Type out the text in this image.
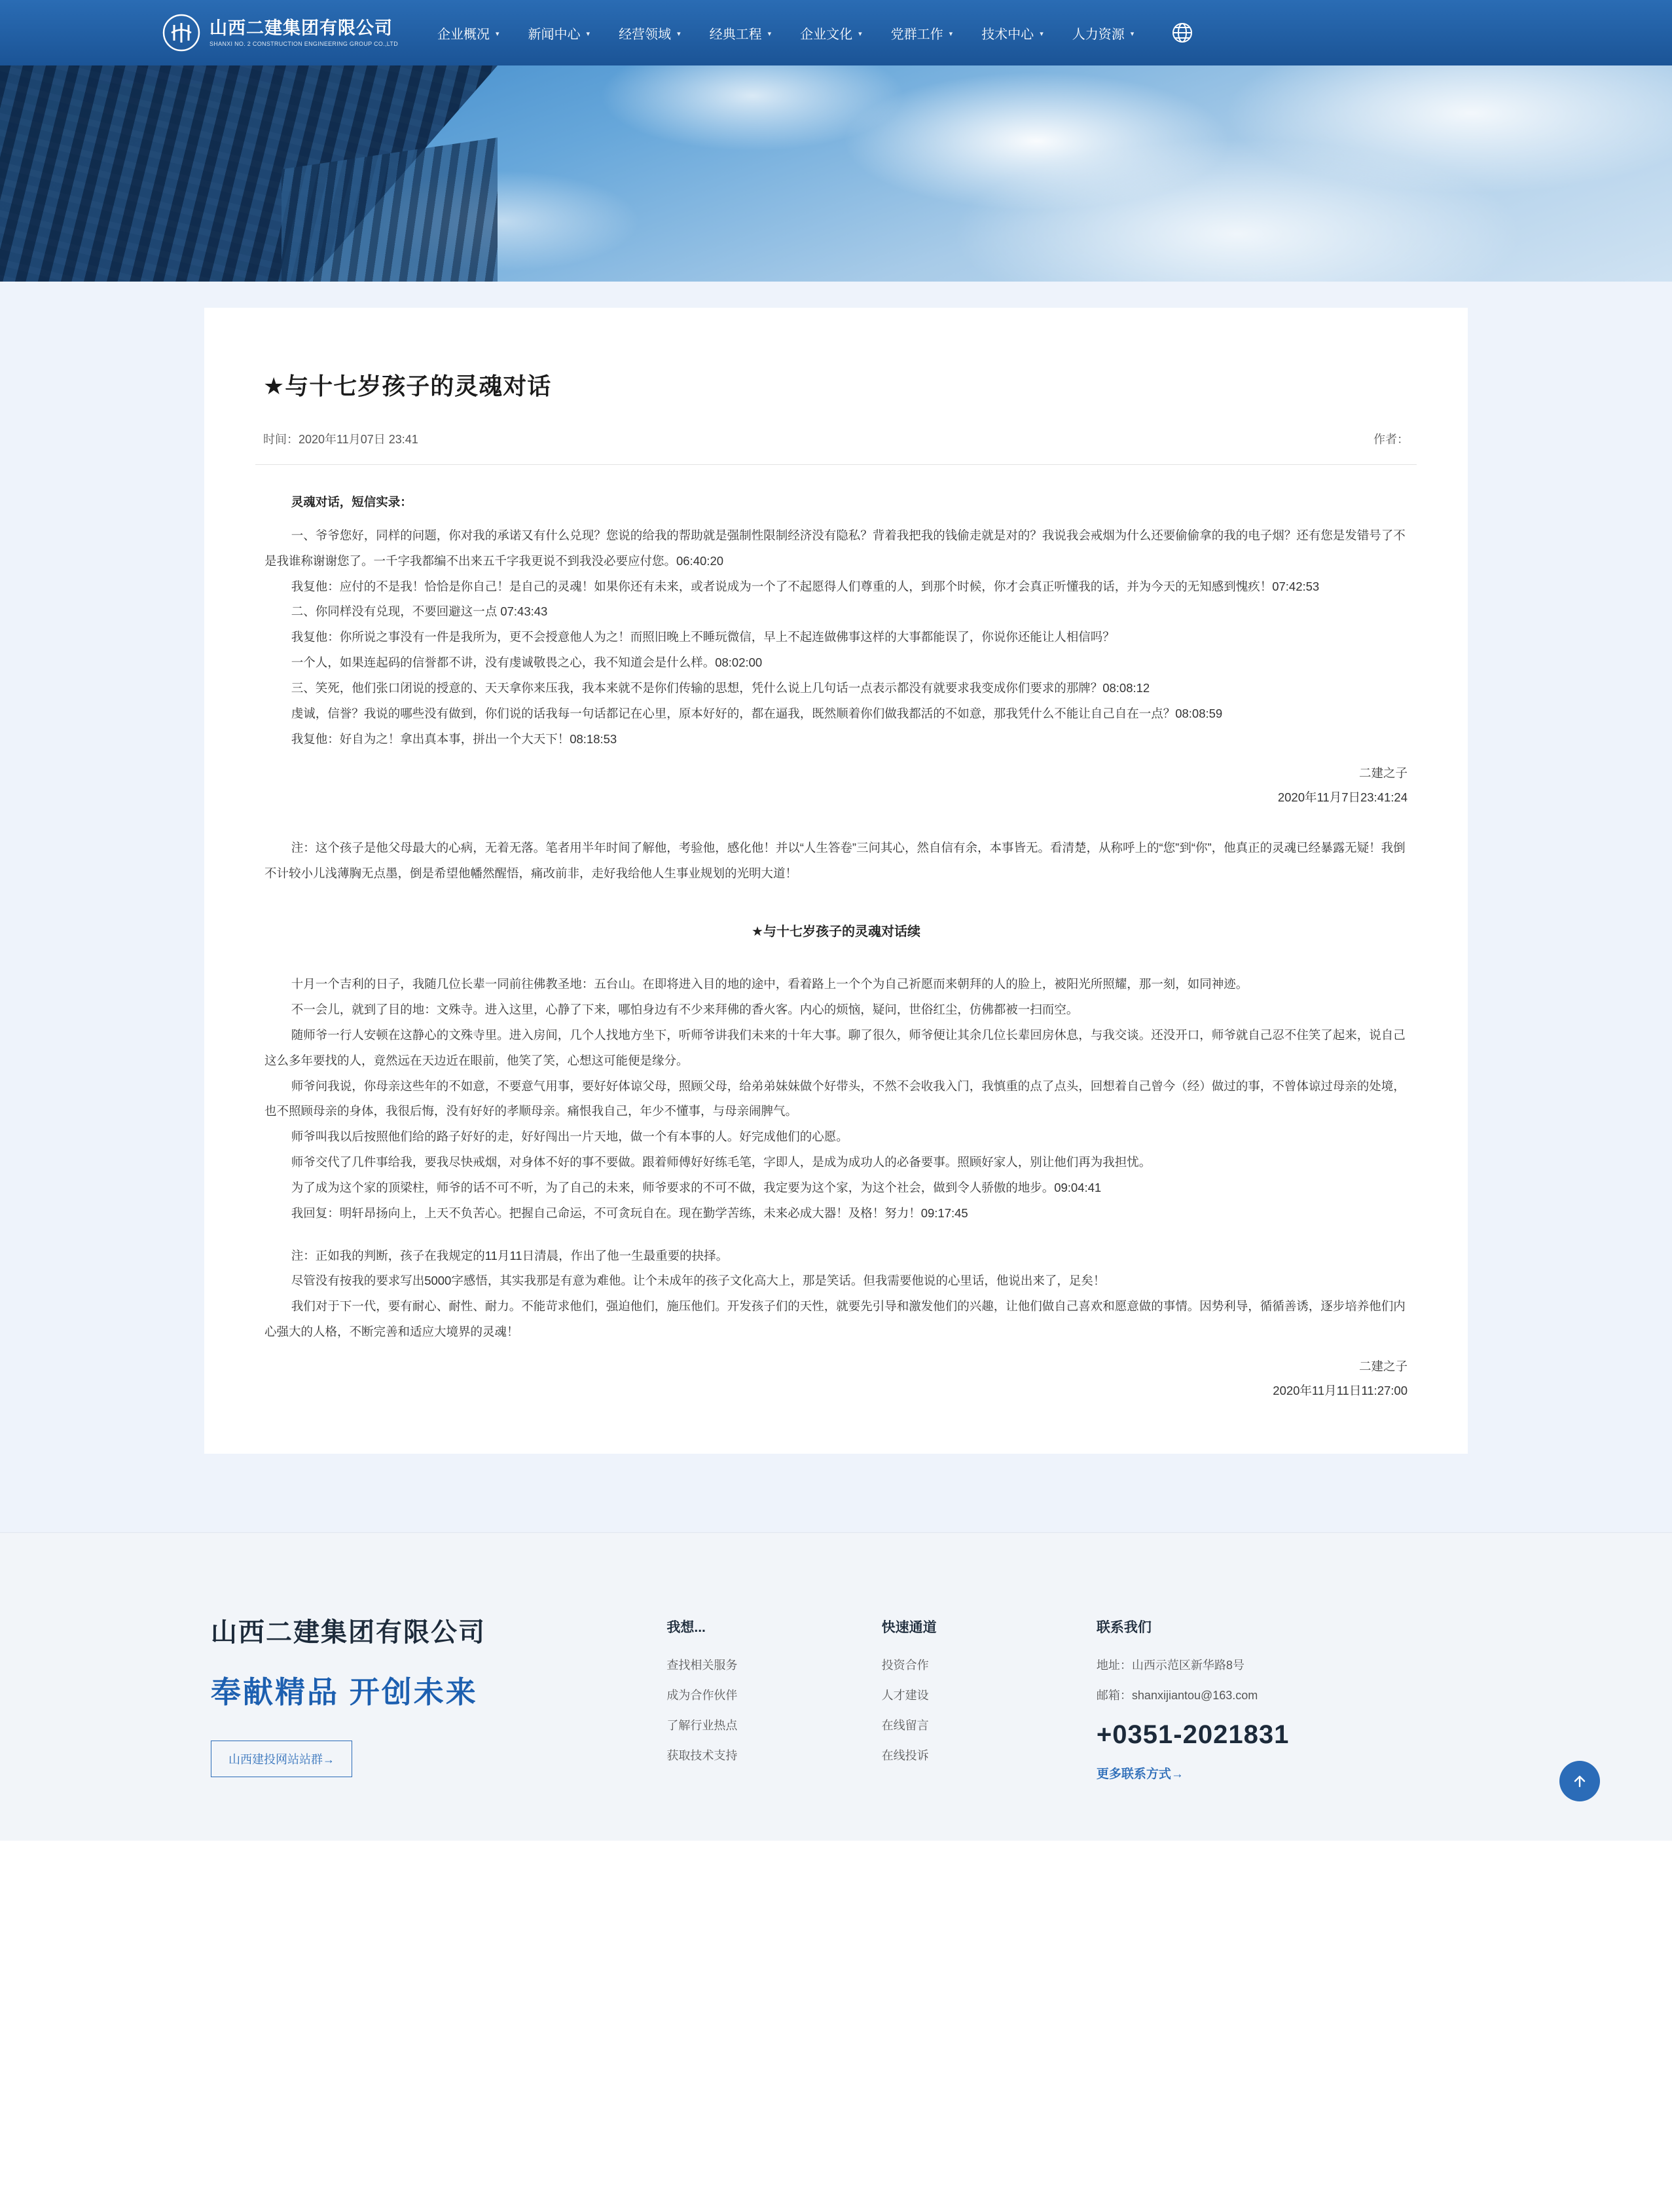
山西二建集团有限公司
SHANXI NO. 2 CONSTRUCTION ENGINEERING GROUP CO.,LTD
企业概况 ▾ 新闻中心 ▾ 经营领域 ▾ 经典工程 ▾ 企业文化 ▾ 党群工作 ▾ 技术中心 ▾ 人力资源 ▾
★与十七岁孩子的灵魂对话
时间：2020年11月07日 23:41	作者：

灵魂对话，短信实录：

一、爷爷您好，同样的问题，你对我的承诺又有什么兑现？您说的给我的帮助就是强制性限制经济没有隐私？背着我把我的钱偷走就是对的？我说我会戒烟为什么还要偷偷拿的我的电子烟？还有您是发错号了不是我谁称谢谢您了。一千字我都编不出来五千字我更说不到我没必要应付您。06:40:20

我复他：应付的不是我！恰恰是你自己！是自己的灵魂！如果你还有未来，或者说成为一个了不起愿得人们尊重的人，到那个时候，你才会真正听懂我的话，并为今天的无知感到愧疚！07:42:53

二、你同样没有兑现，不要回避这一点 07:43:43

我复他：你所说之事没有一件是我所为，更不会授意他人为之！而照旧晚上不睡玩微信，早上不起连做佛事这样的大事都能误了，你说你还能让人相信吗？

一个人，如果连起码的信誉都不讲，没有虔诚敬畏之心，我不知道会是什么样。08:02:00

三、笑死，他们张口闭说的授意的、天天拿你来压我，我本来就不是你们传输的思想，凭什么说上几句话一点表示都没有就要求我变成你们要求的那牌？08:08:12

虔诚，信誉？我说的哪些没有做到，你们说的话我每一句话都记在心里，原本好好的，都在逼我，既然顺着你们做我都活的不如意，那我凭什么不能让自己自在一点？08:08:59

我复他：好自为之！拿出真本事，拼出一个大天下！08:18:53

二建之子
2020年11月7日23:41:24

注：这个孩子是他父母最大的心病，无着无落。笔者用半年时间了解他，考验他，感化他！并以“人生答卷”三问其心，然自信有余，本事皆无。看清楚，从称呼上的“您”到“你”，他真正的灵魂已经暴露无疑！我倒不计较小儿浅薄胸无点墨，倒是希望他幡然醒悟，痛改前非，走好我给他人生事业规划的光明大道！

★与十七岁孩子的灵魂对话续

十月一个吉利的日子，我随几位长辈一同前往佛教圣地：五台山。在即将进入目的地的途中，看着路上一个个为自己祈愿而来朝拜的人的脸上，被阳光所照耀，那一刻，如同神迹。

不一会儿，就到了目的地：文殊寺。进入这里，心静了下来，哪怕身边有不少来拜佛的香火客。内心的烦恼，疑问，世俗红尘，仿佛都被一扫而空。

随师爷一行人安顿在这静心的文殊寺里。进入房间，几个人找地方坐下，听师爷讲我们未来的十年大事。聊了很久，师爷便让其余几位长辈回房休息，与我交谈。还没开口，师爷就自己忍不住笑了起来，说自己这么多年要找的人，竟然远在天边近在眼前，他笑了笑，心想这可能便是缘分。

师爷问我说，你母亲这些年的不如意，不要意气用事，要好好体谅父母，照顾父母，给弟弟妹妹做个好带头，不然不会收我入门，我慎重的点了点头，回想着自己曾今（经）做过的事，不曾体谅过母亲的处境，也不照顾母亲的身体，我很后悔，没有好好的孝顺母亲。痛恨我自己，年少不懂事，与母亲闹脾气。

师爷叫我以后按照他们给的路子好好的走，好好闯出一片天地，做一个有本事的人。好完成他们的心愿。

师爷交代了几件事给我，要我尽快戒烟，对身体不好的事不要做。跟着师傅好好练毛笔，字即人，是成为成功人的必备要事。照顾好家人，别让他们再为我担忧。

为了成为这个家的顶梁柱，师爷的话不可不听，为了自己的未来，师爷要求的不可不做，我定要为这个家，为这个社会，做到令人骄傲的地步。09:04:41

我回复：明轩昂扬向上，上天不负苦心。把握自己命运，不可贪玩自在。现在勤学苦练，未来必成大器！及格！努力！09:17:45

注：正如我的判断，孩子在我规定的11月11日清晨，作出了他一生最重要的抉择。

尽管没有按我的要求写出5000字感悟，其实我那是有意为难他。让个未成年的孩子文化高大上，那是笑话。但我需要他说的心里话，他说出来了，足矣！

我们对于下一代，要有耐心、耐性、耐力。不能苛求他们，强迫他们，施压他们。开发孩子们的天性，就要先引导和激发他们的兴趣，让他们做自己喜欢和愿意做的事情。因势利导，循循善诱，逐步培养他们内心强大的人格，不断完善和适应大境界的灵魂！

二建之子
2020年11月11日11:27:00
山西二建集团有限公司
奉献精品 开创未来
山西建投网站站群→
我想...
查找相关服务
成为合作伙伴
了解行业热点
获取技术支持
快速通道
投资合作
人才建设
在线留言
在线投诉
联系我们
地址：山西示范区新华路8号
邮箱：shanxijiantou@163.com
+0351-2021831
更多联系方式→
